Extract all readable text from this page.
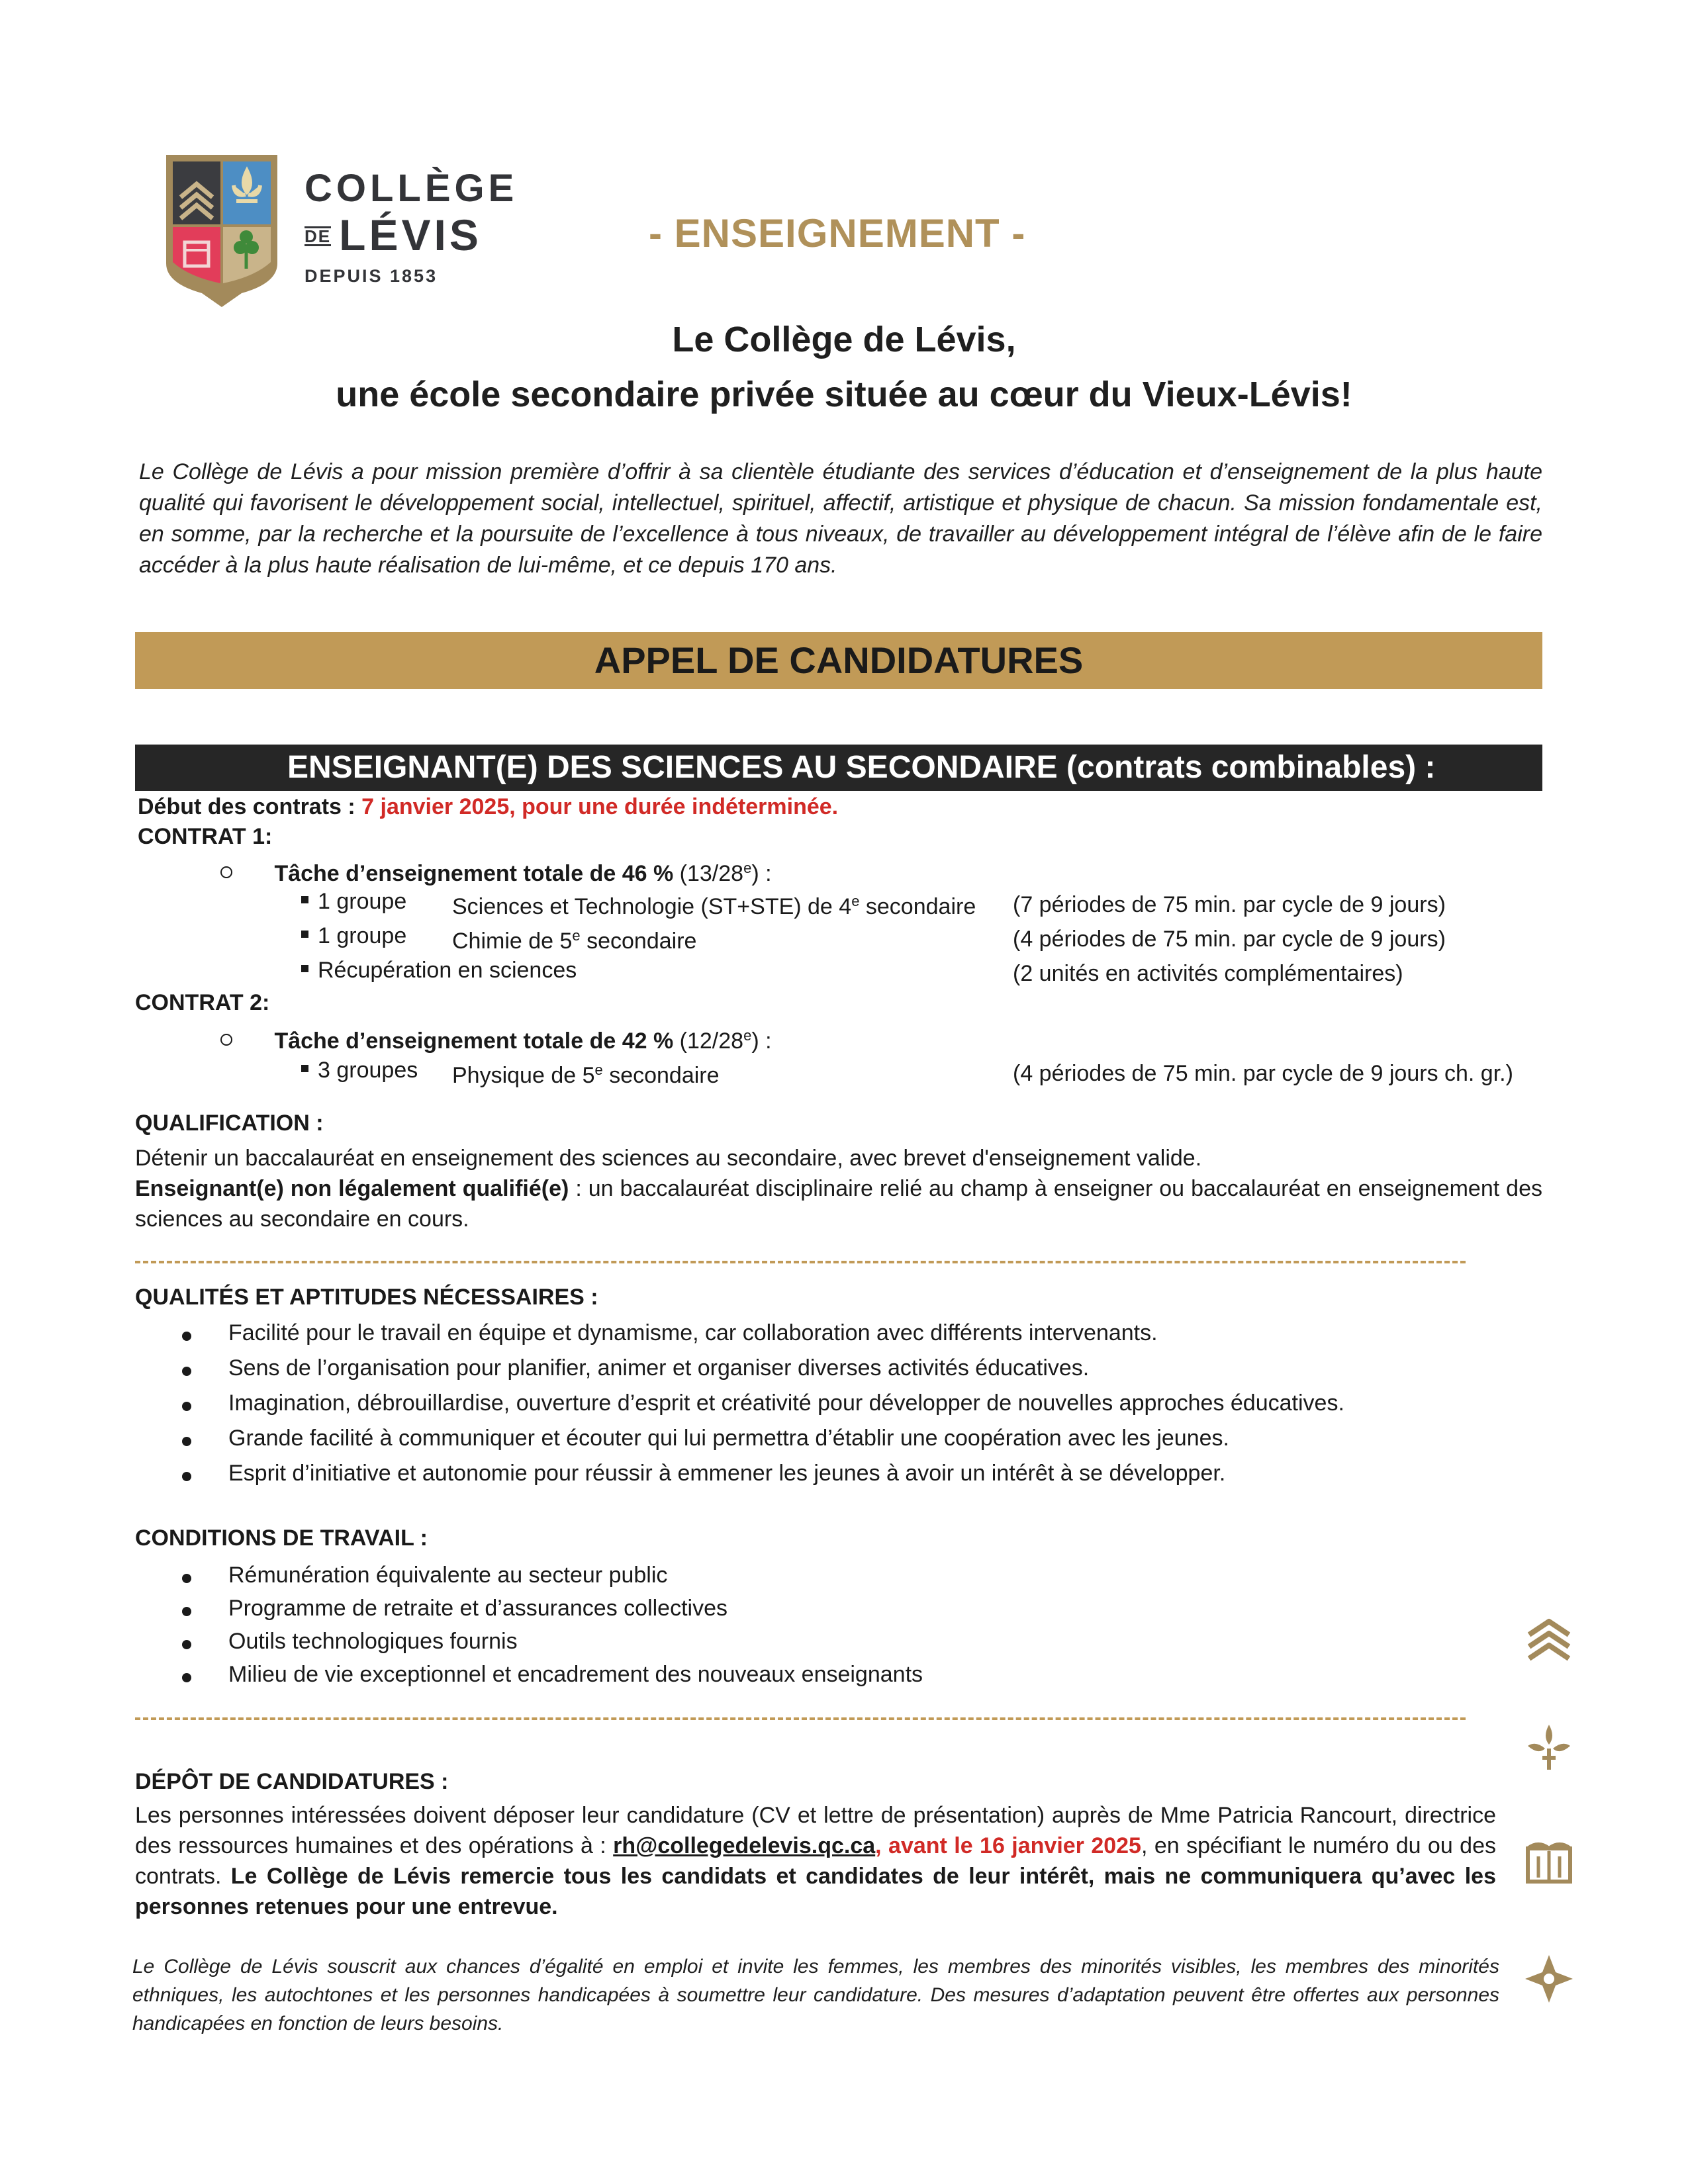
COLLÈGE
DE LÉVIS
DEPUIS 1853
- ENSEIGNEMENT -
Le Collège de Lévis,
une école secondaire privée située au cœur du Vieux-Lévis!
Le Collège de Lévis a pour mission première d’offrir à sa clientèle étudiante des services d’éducation et d’enseignement de la plus haute qualité qui favorisent le développement social, intellectuel, spirituel, affectif, artistique et physique de chacun. Sa mission fondamentale est, en somme, par la recherche et la poursuite de l’excellence à tous niveaux, de travailler au développement intégral de l’élève afin de le faire accéder à la plus haute réalisation de lui-même, et ce depuis 170 ans.
APPEL DE CANDIDATURES
ENSEIGNANT(E) DES SCIENCES AU SECONDAIRE (contrats combinables) :
Début des contrats : 7 janvier 2025, pour une durée indéterminée.
CONTRAT 1:
Tâche d’enseignement totale de 46 % (13/28e) :
1 groupe Sciences et Technologie (ST+STE) de 4e secondaire (7 périodes de 75 min. par cycle de 9 jours)
1 groupe Chimie de 5e secondaire	(4 périodes de 75 min. par cycle de 9 jours)
Récupération en sciences	(2 unités en activités complémentaires)
CONTRAT 2:
Tâche d’enseignement totale de 42 % (12/28e) :
3 groupes Physique de 5e secondaire	(4 périodes de 75 min. par cycle de 9 jours ch. gr.)
QUALIFICATION :
Détenir un baccalauréat en enseignement des sciences au secondaire, avec brevet d'enseignement valide.
Enseignant(e) non légalement qualifié(e) : un baccalauréat disciplinaire relié au champ à enseigner ou baccalauréat en enseignement des sciences au secondaire en cours.
QUALITÉS ET APTITUDES NÉCESSAIRES :
Facilité pour le travail en équipe et dynamisme, car collaboration avec différents intervenants.
Sens de l’organisation pour planifier, animer et organiser diverses activités éducatives.
Imagination, débrouillardise, ouverture d’esprit et créativité pour développer de nouvelles approches éducatives.
Grande facilité à communiquer et écouter qui lui permettra d’établir une coopération avec les jeunes.
Esprit d’initiative et autonomie pour réussir à emmener les jeunes à avoir un intérêt à se développer.
CONDITIONS DE TRAVAIL :
Rémunération équivalente au secteur public
Programme de retraite et d’assurances collectives
Outils technologiques fournis
Milieu de vie exceptionnel et encadrement des nouveaux enseignants
DÉPÔT DE CANDIDATURES :
Les personnes intéressées doivent déposer leur candidature (CV et lettre de présentation) auprès de Mme Patricia Rancourt, directrice des ressources humaines et des opérations à : rh@collegedelevis.qc.ca, avant le 16 janvier 2025, en spécifiant le numéro du ou des contrats. Le Collège de Lévis remercie tous les candidats et candidates de leur intérêt, mais ne communiquera qu’avec les personnes retenues pour une entrevue.
Le Collège de Lévis souscrit aux chances d’égalité en emploi et invite les femmes, les membres des minorités visibles, les membres des minorités ethniques, les autochtones et les personnes handicapées à soumettre leur candidature. Des mesures d’adaptation peuvent être offertes aux personnes handicapées en fonction de leurs besoins.
